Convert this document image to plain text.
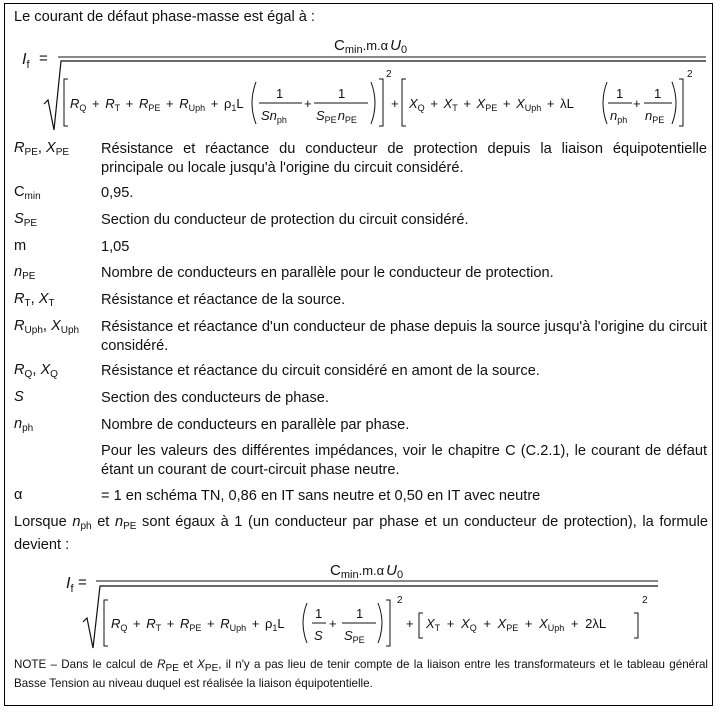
Le courant de défaut phase-masse est égal à :
$I_f$ =
$C_{min}.m.\alpha$ $U_0$
$R_Q + R_T + R_{PE} + R_{Uph} + \rho_1L$
1
$Sn_{ph}$
+
1
$S_{PE}n_{PE}$
2
+ $X_Q + X_T + X_{PE} + X_{Uph} + \lambda L$
1
$n_{ph}$
+
1
$n_{PE}$
2
$R_{PE}$, $X_{PE}$ Résistance et réactance du conducteur de protection depuis la liaison équipotentielle principale ou locale jusqu'à l'origine du circuit considéré.
$C_{min}$	0,95.
$S_{PE}$	Section du conducteur de protection du circuit considéré.
m	1,05
$n_{PE}$	Nombre de conducteurs en parallèle pour le conducteur de protection.
$R_T$, $X_T$	Résistance et réactance de la source.
$R_{Uph}$, $X_{Uph}$ Résistance et réactance d'un conducteur de phase depuis la source jusqu'à l'origine du circuit considéré.
$R_Q$, $X_Q$	Résistance et réactance du circuit considéré en amont de la source.
S	Section des conducteurs de phase.
$n_{ph}$	Nombre de conducteurs en parallèle par phase.
Pour les valeurs des différentes impédances, voir le chapitre C (C.2.1), le courant de défaut étant un courant de court-circuit phase neutre.
α	= 1 en schéma TN, 0,86 en IT sans neutre et 0,50 en IT avec neutre
Lorsque $n_{ph}$ et $n_{PE}$ sont égaux à 1 (un conducteur par phase et un conducteur de protection), la formule devient :
$I_f$ =
$C_{min}.m.\alpha$ $U_0$
$R_Q + R_T + R_{PE} + R_{Uph} + \rho_1L$
1
S
+
1
$S_{PE}$
2
+ $X_T + X_Q + X_{PE} + X_{Uph} + 2\lambda L$
2
NOTE – Dans le calcul de $R_{PE}$ et $X_{PE}$, il n'y a pas lieu de tenir compte de la liaison entre les transformateurs et le tableau général Basse Tension au niveau duquel est réalisée la liaison équipotentielle.
